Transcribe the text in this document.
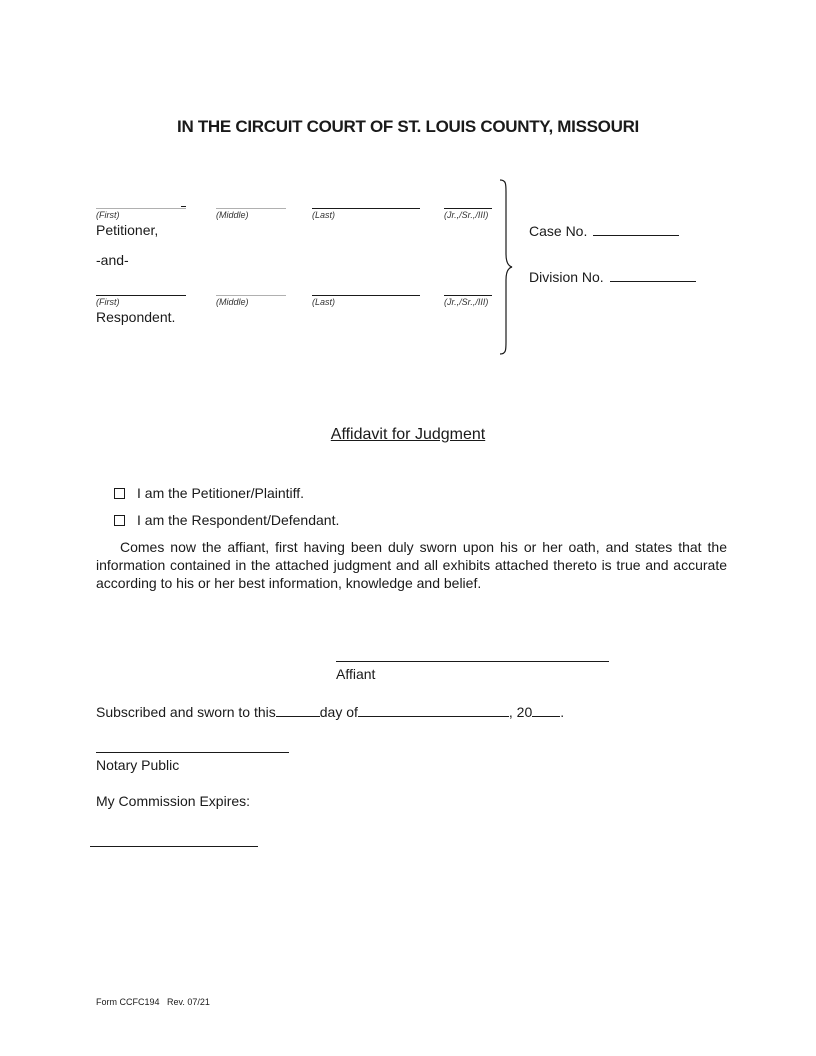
IN THE CIRCUIT COURT OF ST. LOUIS COUNTY, MISSOURI
(First)	(Middle)	(Last)	(Jr.,/Sr.,/III)
Petitioner,
-and-
(First)	(Middle)	(Last)	(Jr.,/Sr.,/III)
Respondent.
Case No.
Division No.
Affidavit for Judgment
I am the Petitioner/Plaintiff.
I am the Respondent/Defendant.
Comes now the affiant, first having been duly sworn upon his or her oath, and states that the information contained in the attached judgment and all exhibits attached thereto is true and accurate according to his or her best information, knowledge and belief.
Affiant
Subscribed and sworn to this	day of	, 20 .
Notary Public
My Commission Expires:
Form CCFC194   Rev. 07/21
